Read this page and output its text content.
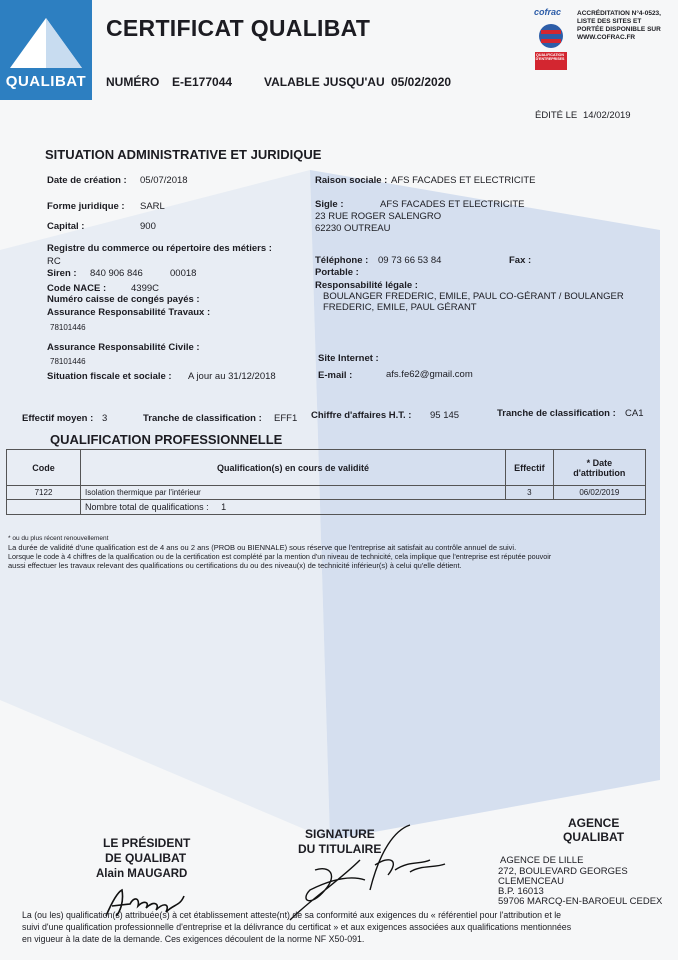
QUALIBAT
CERTIFICAT QUALIBAT
NUMÉRO E-E177044	VALABLE JUSQU'AU 05/02/2020
cofrac
QUALIFICATION D'ENTREPRISES
ACCRÉDITATION N°4-0523, LISTE DES SITES ET PORTÉE DISPONIBLE SUR WWW.COFRAC.FR
ÉDITÉ LE 14/02/2019
SITUATION ADMINISTRATIVE ET JURIDIQUE
Date de création : 05/07/2018	Raison sociale : AFS FACADES ET ELECTRICITE
Forme juridique : SARL	Sigle :	AFS FACADES ET ELECTRICITE
23 RUE ROGER SALENGRO
62230 OUTREAU
Capital :	900
Registre du commerce ou répertoire des métiers :
RC	Téléphone : 09 73 66 53 84	Fax :
Siren : 840 906 846	00018	Portable :
Code NACE :	4399C	Responsabilité légale :
BOULANGER FREDERIC, EMILE, PAUL CO-GÉRANT / BOULANGER
FREDERIC, EMILE, PAUL GÉRANT
Numéro caisse de congés payés :
Assurance Responsabilité Travaux :
78101446
Assurance Responsabilité Civile :
78101446	Site Internet :
Situation fiscale et sociale : A jour au 31/12/2018	E-mail :	afs.fe62@gmail.com
Effectif moyen : 3	Tranche de classification : EFF1 Chiffre d'affaires H.T. : 95 145	Tranche de classification : CA1
QUALIFICATION PROFESSIONNELLE
Code	Qualification(s) en cours de validité	Effectif	* Date
d'attribution

7122	Isolation thermique par l'intérieur	3	06/02/2019
	Nombre total de qualifications : 1		
* ou du plus récent renouvellement
La durée de validité d'une qualification est de 4 ans ou 2 ans (PROB ou BIENNALE) sous réserve que l'entreprise ait satisfait au contrôle annuel de suivi.
Lorsque le code à 4 chiffres de la qualification ou de la certification est complété par la mention d'un niveau de technicité, cela implique que l'entreprise est réputée pouvoir
aussi effectuer les travaux relevant des qualifications ou certifications du ou des niveau(x) de technicité inférieur(s) à celui qu'elle détient.
LE PRÉSIDENT
DE QUALIBAT
Alain MAUGARD
SIGNATURE
DU TITULAIRE
AGENCE
QUALIBAT
AGENCE DE LILLE
272, BOULEVARD GEORGES
CLEMENCEAU
B.P. 16013
59706 MARCQ-EN-BAROEUL CEDEX
La (ou les) qualification(s) attribuée(s) à cet établissement atteste(nt) de sa conformité aux exigences du « référentiel pour l'attribution et le
suivi d'une qualification professionnelle d'entreprise et la délivrance du certificat » et aux exigences associées aux qualifications mentionnées
en vigueur à la date de la demande. Ces exigences découlent de la norme NF X50-091.
